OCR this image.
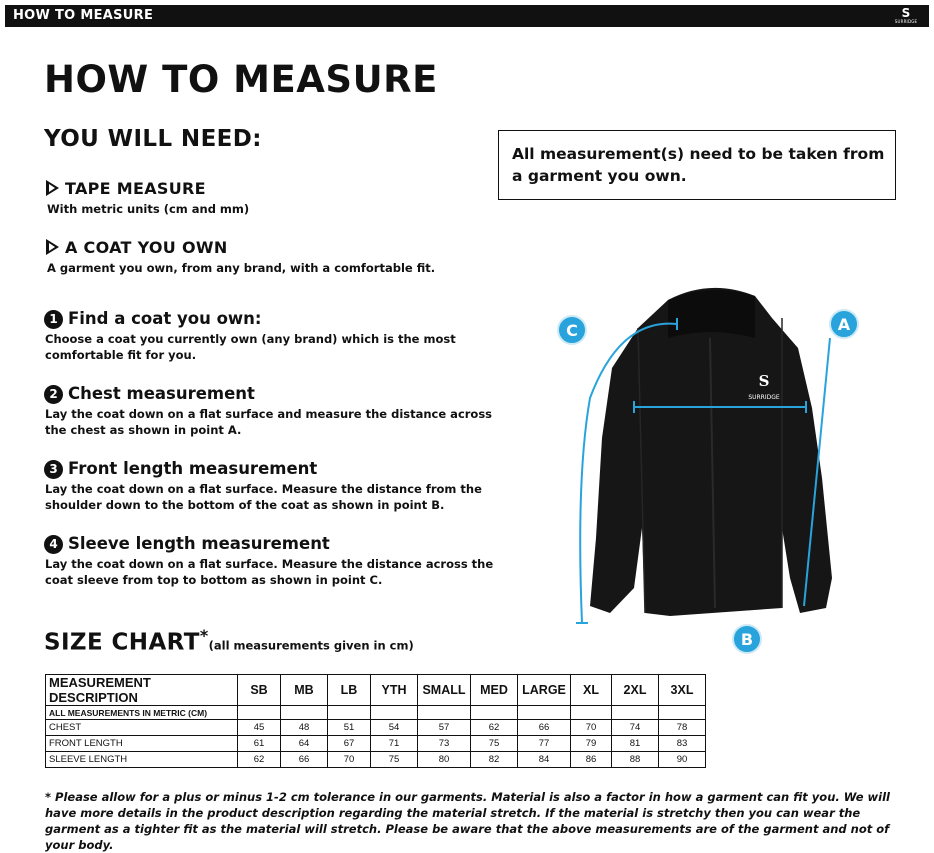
HOW TO MEASURE	S
SURRIDGE
HOW TO MEASURE
YOU WILL NEED:
TAPE MEASURE
With metric units (cm and mm)
A COAT YOU OWN
A garment you own, from any brand, with a comfortable fit.
1 Find a coat you own:
Choose a coat you currently own (any brand) which is the most comfortable fit for you.
2 Chest measurement
Lay the coat down on a flat surface and measure the distance across the chest as shown in point A.
3 Front length measurement
Lay the coat down on a flat surface. Measure the distance from the shoulder down to the bottom of the coat as shown in point B.
4 Sleeve length measurement
Lay the coat down on a flat surface. Measure the distance across the coat sleeve from top to bottom as shown in point C.
All measurement(s) need to be taken from a garment you own.
S
SURRIDGE
A
B
C
SIZE CHART*(all measurements given in cm)
MEASUREMENT DESCRIPTION	SB	MB	LB	YTH	SMALL	MED	LARGE	XL	2XL	3XL
ALL MEASUREMENTS IN METRIC (CM)										
CHEST	45	48	51	54	57	62	66	70	74	78
FRONT LENGTH	61	64	67	71	73	75	77	79	81	83
SLEEVE LENGTH	62	66	70	75	80	82	84	86	88	90
* Please allow for a plus or minus 1-2 cm tolerance in our garments. Material is also a factor in how a garment can fit you. We will have more details in the product description regarding the material stretch. If the material is stretchy then you can wear the garment as a tighter fit as the material will stretch. Please be aware that the above measurements are of the garment and not of your body.
